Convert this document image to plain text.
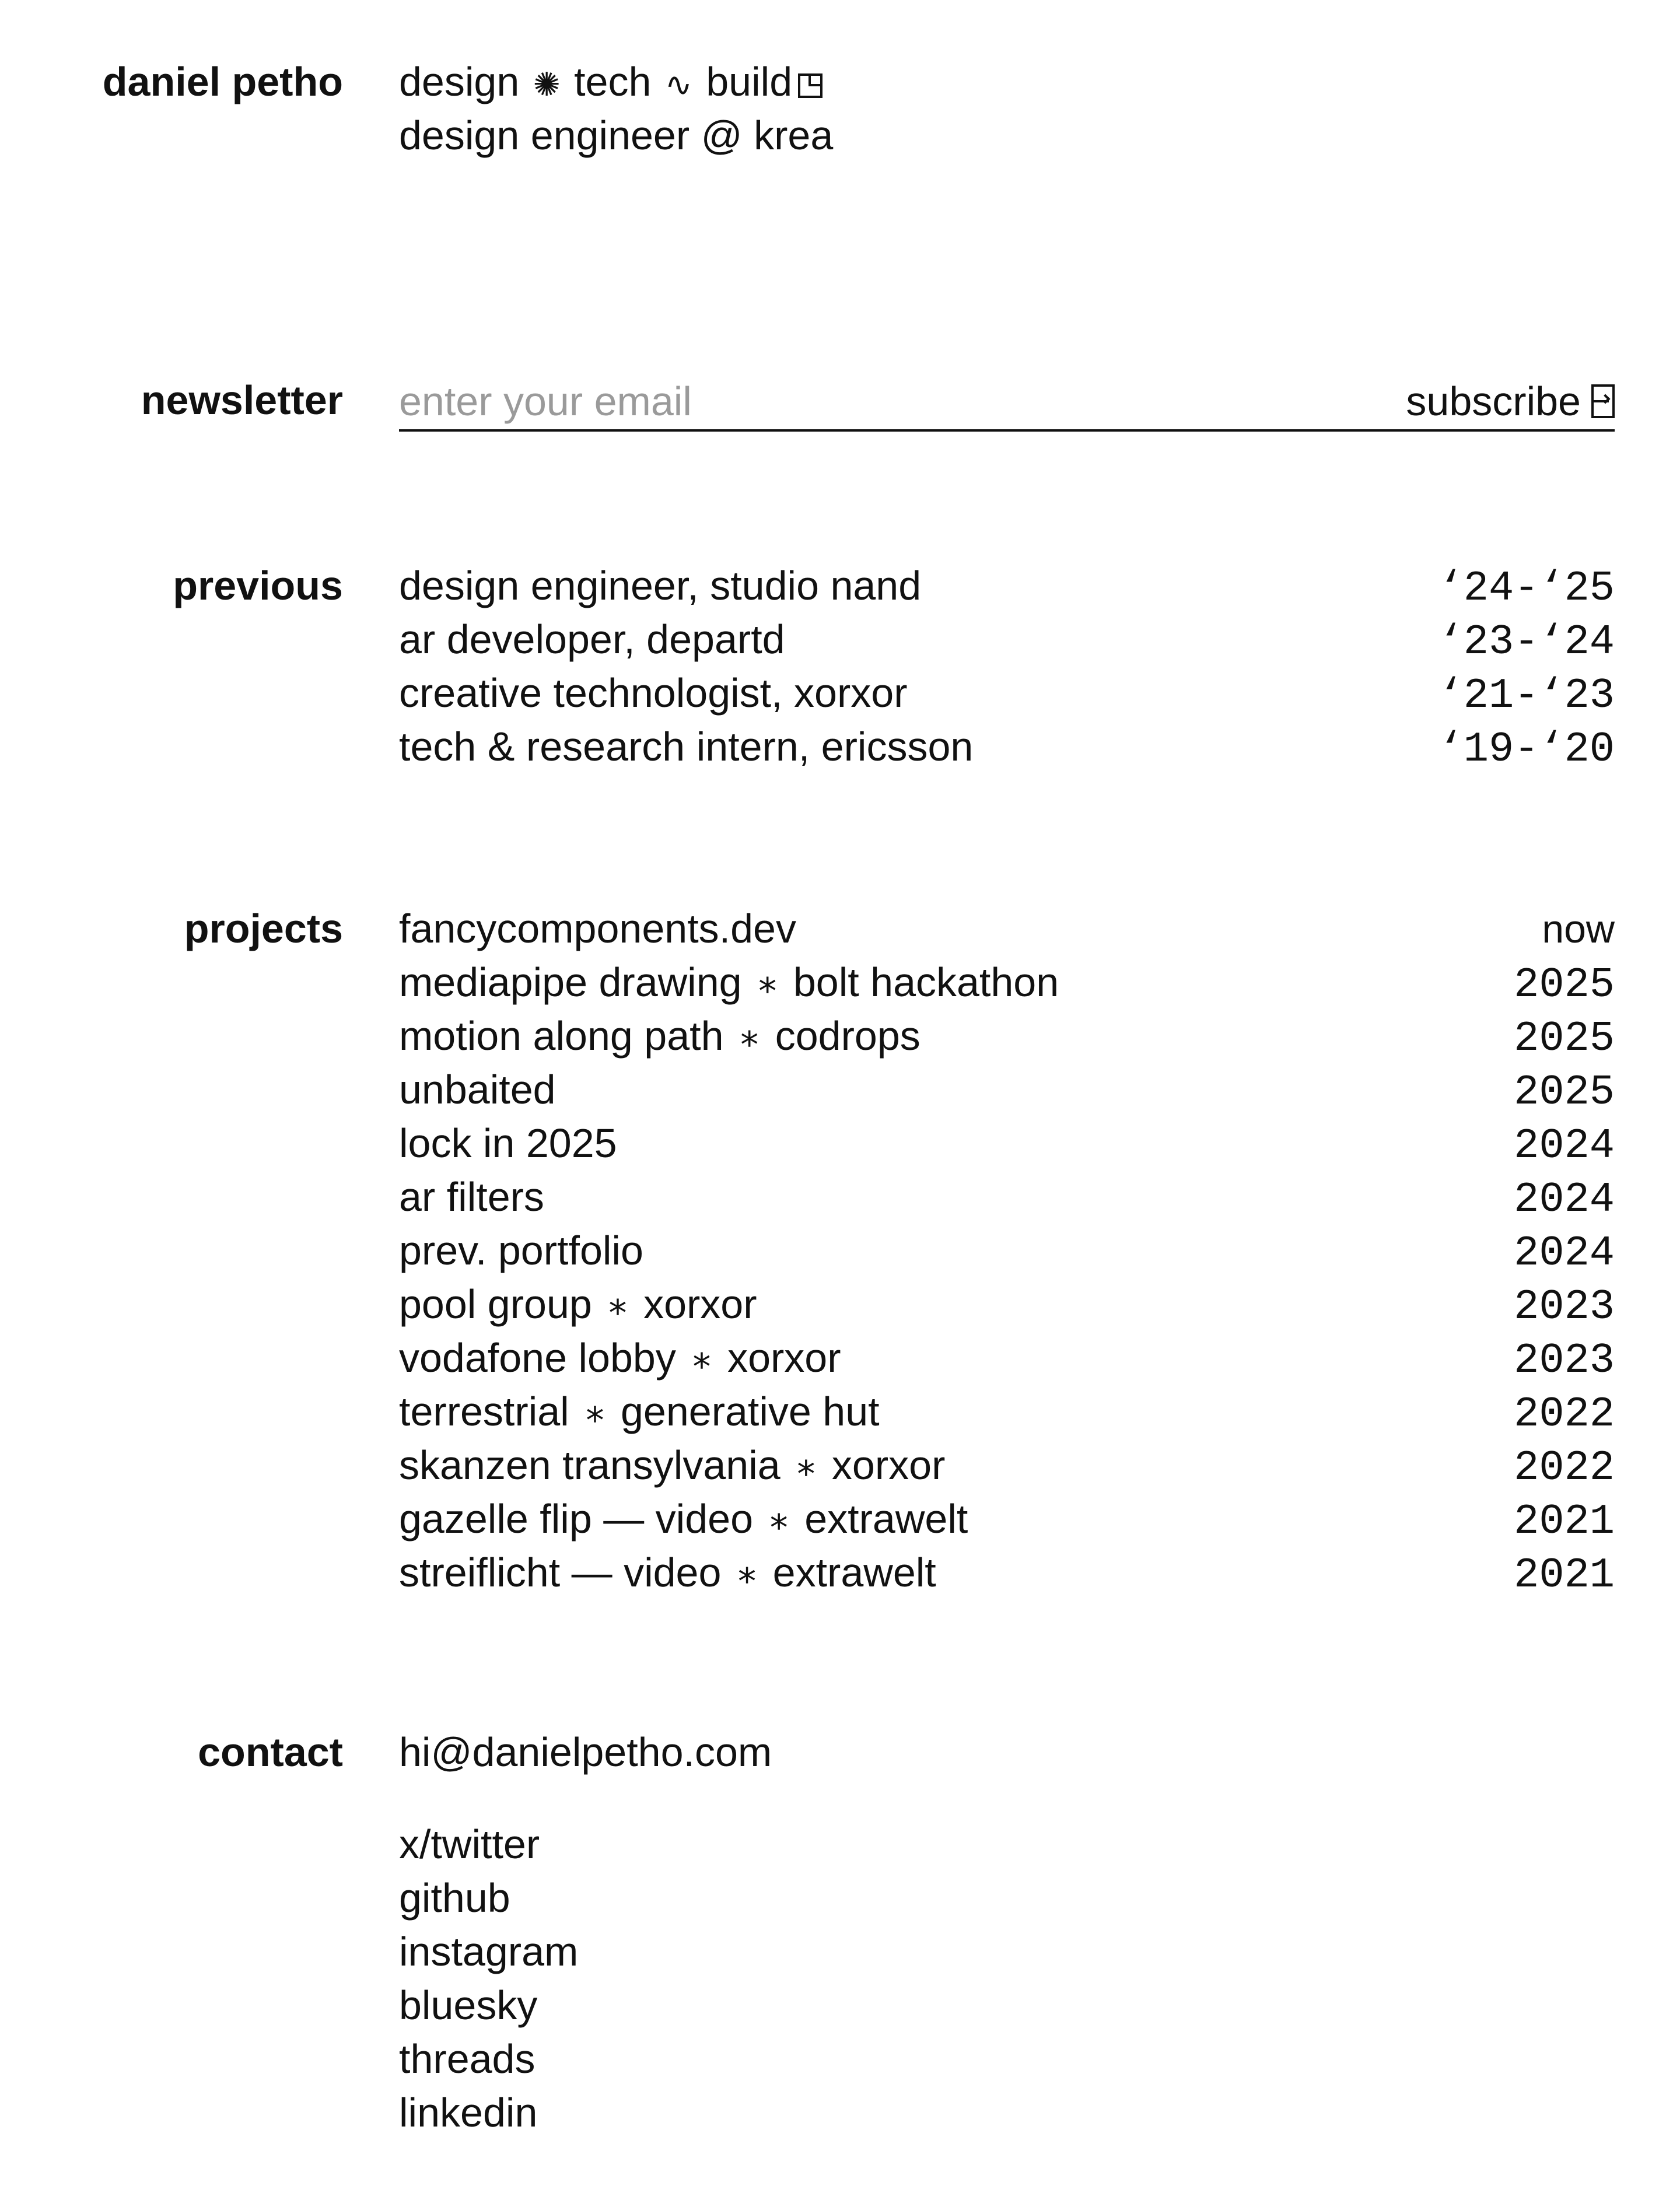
daniel petho design ✺ tech ∿ build
design engineer @ krea
newsletter
enter your email	subscribe
previous design engineer, studio nand	‘24-‘25
ar developer, departd	‘23-‘24
creative technologist, xorxor	‘21-‘23
tech & research intern, ericsson	‘19-‘20
projects fancycomponents.dev	now
mediapipe drawing ∗ bolt hackathon	2025
motion along path ∗ codrops	2025
unbaited	2025
lock in 2025	2024
ar filters	2024
prev. portfolio	2024
pool group ∗ xorxor	2023
vodafone lobby ∗ xorxor	2023
terrestrial ∗ generative hut	2022
skanzen transylvania ∗ xorxor	2022
gazelle flip — video ∗ extrawelt	2021
streiflicht — video ∗ extrawelt	2021
contact hi@danielpetho.com
x/twitter
github
instagram
bluesky
threads
linkedin
